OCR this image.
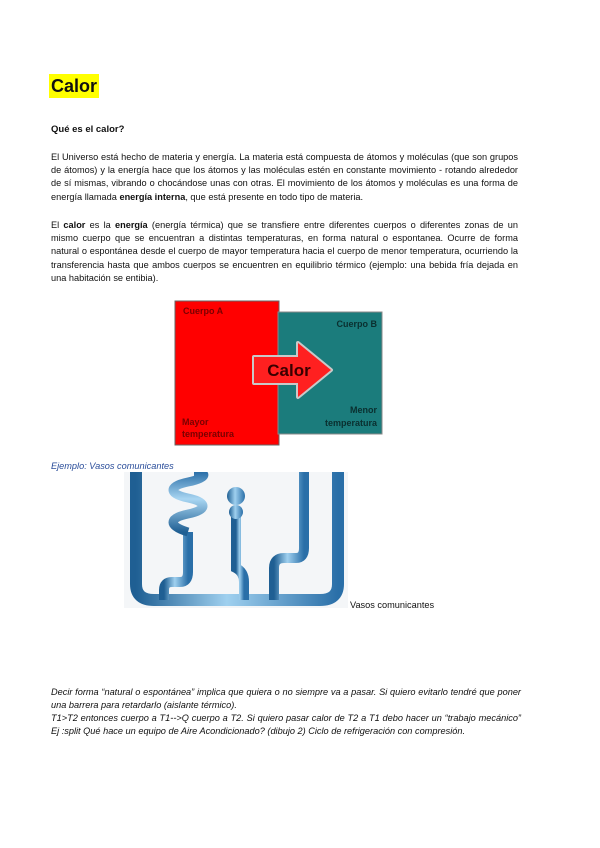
Calor
Qué es el calor?

El Universo está hecho de materia y energía. La materia está compuesta de átomos y moléculas (que son grupos de átomos) y la energía hace que los átomos y las moléculas estén en constante movimiento - rotando alrededor de sí mismas, vibrando o chocándose unas con otras. El movimiento de los átomos y moléculas es una forma de energía llamada energía interna, que está presente en todo tipo de materia.

El calor es la energía (energía térmica) que se transfiere entre diferentes cuerpos o diferentes zonas de un mismo cuerpo que se encuentran a distintas temperaturas, en forma natural o espontanea. Ocurre de forma natural o espontánea desde el cuerpo de mayor temperatura hacia el cuerpo de menor temperatura, ocurriendo la transferencia hasta que ambos cuerpos se encuentren en equilibrio térmico (ejemplo: una bebida fría dejada en una habitación se entibia).

Cuerpo A
Cuerpo B
Calor
Mayor
temperatura
Menor
temperatura
Ejemplo: Vasos comunicantes
Vasos comunicantes

Decir forma “natural o espontánea” implica que quiera o no siempre va a pasar. Si quiero evitarlo tendré que poner una barrera para retardarlo (aislante térmico).

T1>T2 entonces cuerpo a T1-->Q cuerpo a T2. Si quiero pasar calor de T2 a T1 debo hacer un “trabajo mecánico” Ej :split Qué hace un equipo de Aire Acondicionado? (dibujo 2) Ciclo de refrigeración con compresión.
